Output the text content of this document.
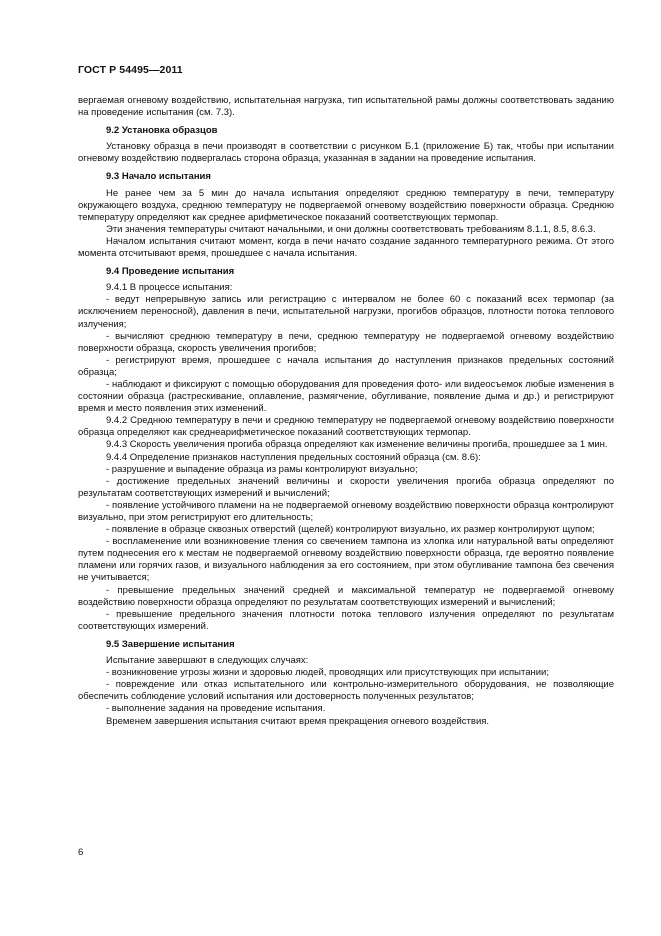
ГОСТ Р 54495—2011

вергаемая огневому воздействию, испытательная нагрузка, тип испытательной рамы должны соответствовать заданию на проведение испытания (см. 7.3).

9.2 Установка образцов

Установку образца в печи производят в соответствии с рисунком Б.1 (приложение Б) так, чтобы при испытании огневому воздействию подвергалась сторона образца, указанная в задании на проведение испытания.

9.3 Начало испытания

Не ранее чем за 5 мин до начала испытания определяют среднюю температуру в печи, температуру окружающего воздуха, среднюю температуру не подвергаемой огневому воздействию поверхности образца. Среднюю температуру определяют как среднее арифметическое показаний соответствующих термопар.

Эти значения температуры считают начальными, и они должны соответствовать требованиям 8.1.1, 8.5, 8.6.3.

Началом испытания считают момент, когда в печи начато создание заданного температурного режима. От этого момента отсчитывают время, прошедшее с начала испытания.

9.4 Проведение испытания

9.4.1 В процессе испытания:

- ведут непрерывную запись или регистрацию с интервалом не более 60 с показаний всех термопар (за исключением переносной), давления в печи, испытательной нагрузки, прогибов образцов, плотности потока теплового излучения;

- вычисляют среднюю температуру в печи, среднюю температуру не подвергаемой огневому воздействию поверхности образца, скорость увеличения прогибов;

- регистрируют время, прошедшее с начала испытания до наступления признаков предельных состояний образца;

- наблюдают и фиксируют с помощью оборудования для проведения фото- или видеосъемок любые изменения в состоянии образца (растрескивание, оплавление, размягчение, обугливание, появление дыма и др.) и регистрируют время и место появления этих изменений.

9.4.2 Среднюю температуру в печи и среднюю температуру не подвергаемой огневому воздействию поверхности образца определяют как среднеарифметическое показаний соответствующих термопар.

9.4.3 Скорость увеличения прогиба образца определяют как изменение величины прогиба, прошедшее за 1 мин.

9.4.4 Определение признаков наступления предельных состояний образца (см. 8.6):

- разрушение и выпадение образца из рамы контролируют визуально;

- достижение предельных значений величины и скорости увеличения прогиба образца определяют по результатам соответствующих измерений и вычислений;

- появление устойчивого пламени на не подвергаемой огневому воздействию поверхности образца контролируют визуально, при этом регистрируют его длительность;

- появление в образце сквозных отверстий (щелей) контролируют визуально, их размер контролируют щупом;

- воспламенение или возникновение тления со свечением тампона из хлопка или натуральной ваты определяют путем поднесения его к местам не подвергаемой огневому воздействию поверхности образца, где вероятно появление пламени или горячих газов, и визуального наблюдения за его состоянием, при этом обугливание тампона без свечения не учитывается;

- превышение предельных значений средней и максимальной температур не подвергаемой огневому воздействию поверхности образца определяют по результатам соответствующих измерений и вычислений;

- превышение предельного значения плотности потока теплового излучения определяют по результатам соответствующих измерений.

9.5 Завершение испытания

Испытание завершают в следующих случаях:

- возникновение угрозы жизни и здоровью людей, проводящих или присутствующих при испытании;

- повреждение или отказ испытательного или контрольно-измерительного оборудования, не позволяющие обеспечить соблюдение условий испытания или достоверность полученных результатов;

- выполнение задания на проведение испытания.

Временем завершения испытания считают время прекращения огневого воздействия.

6
